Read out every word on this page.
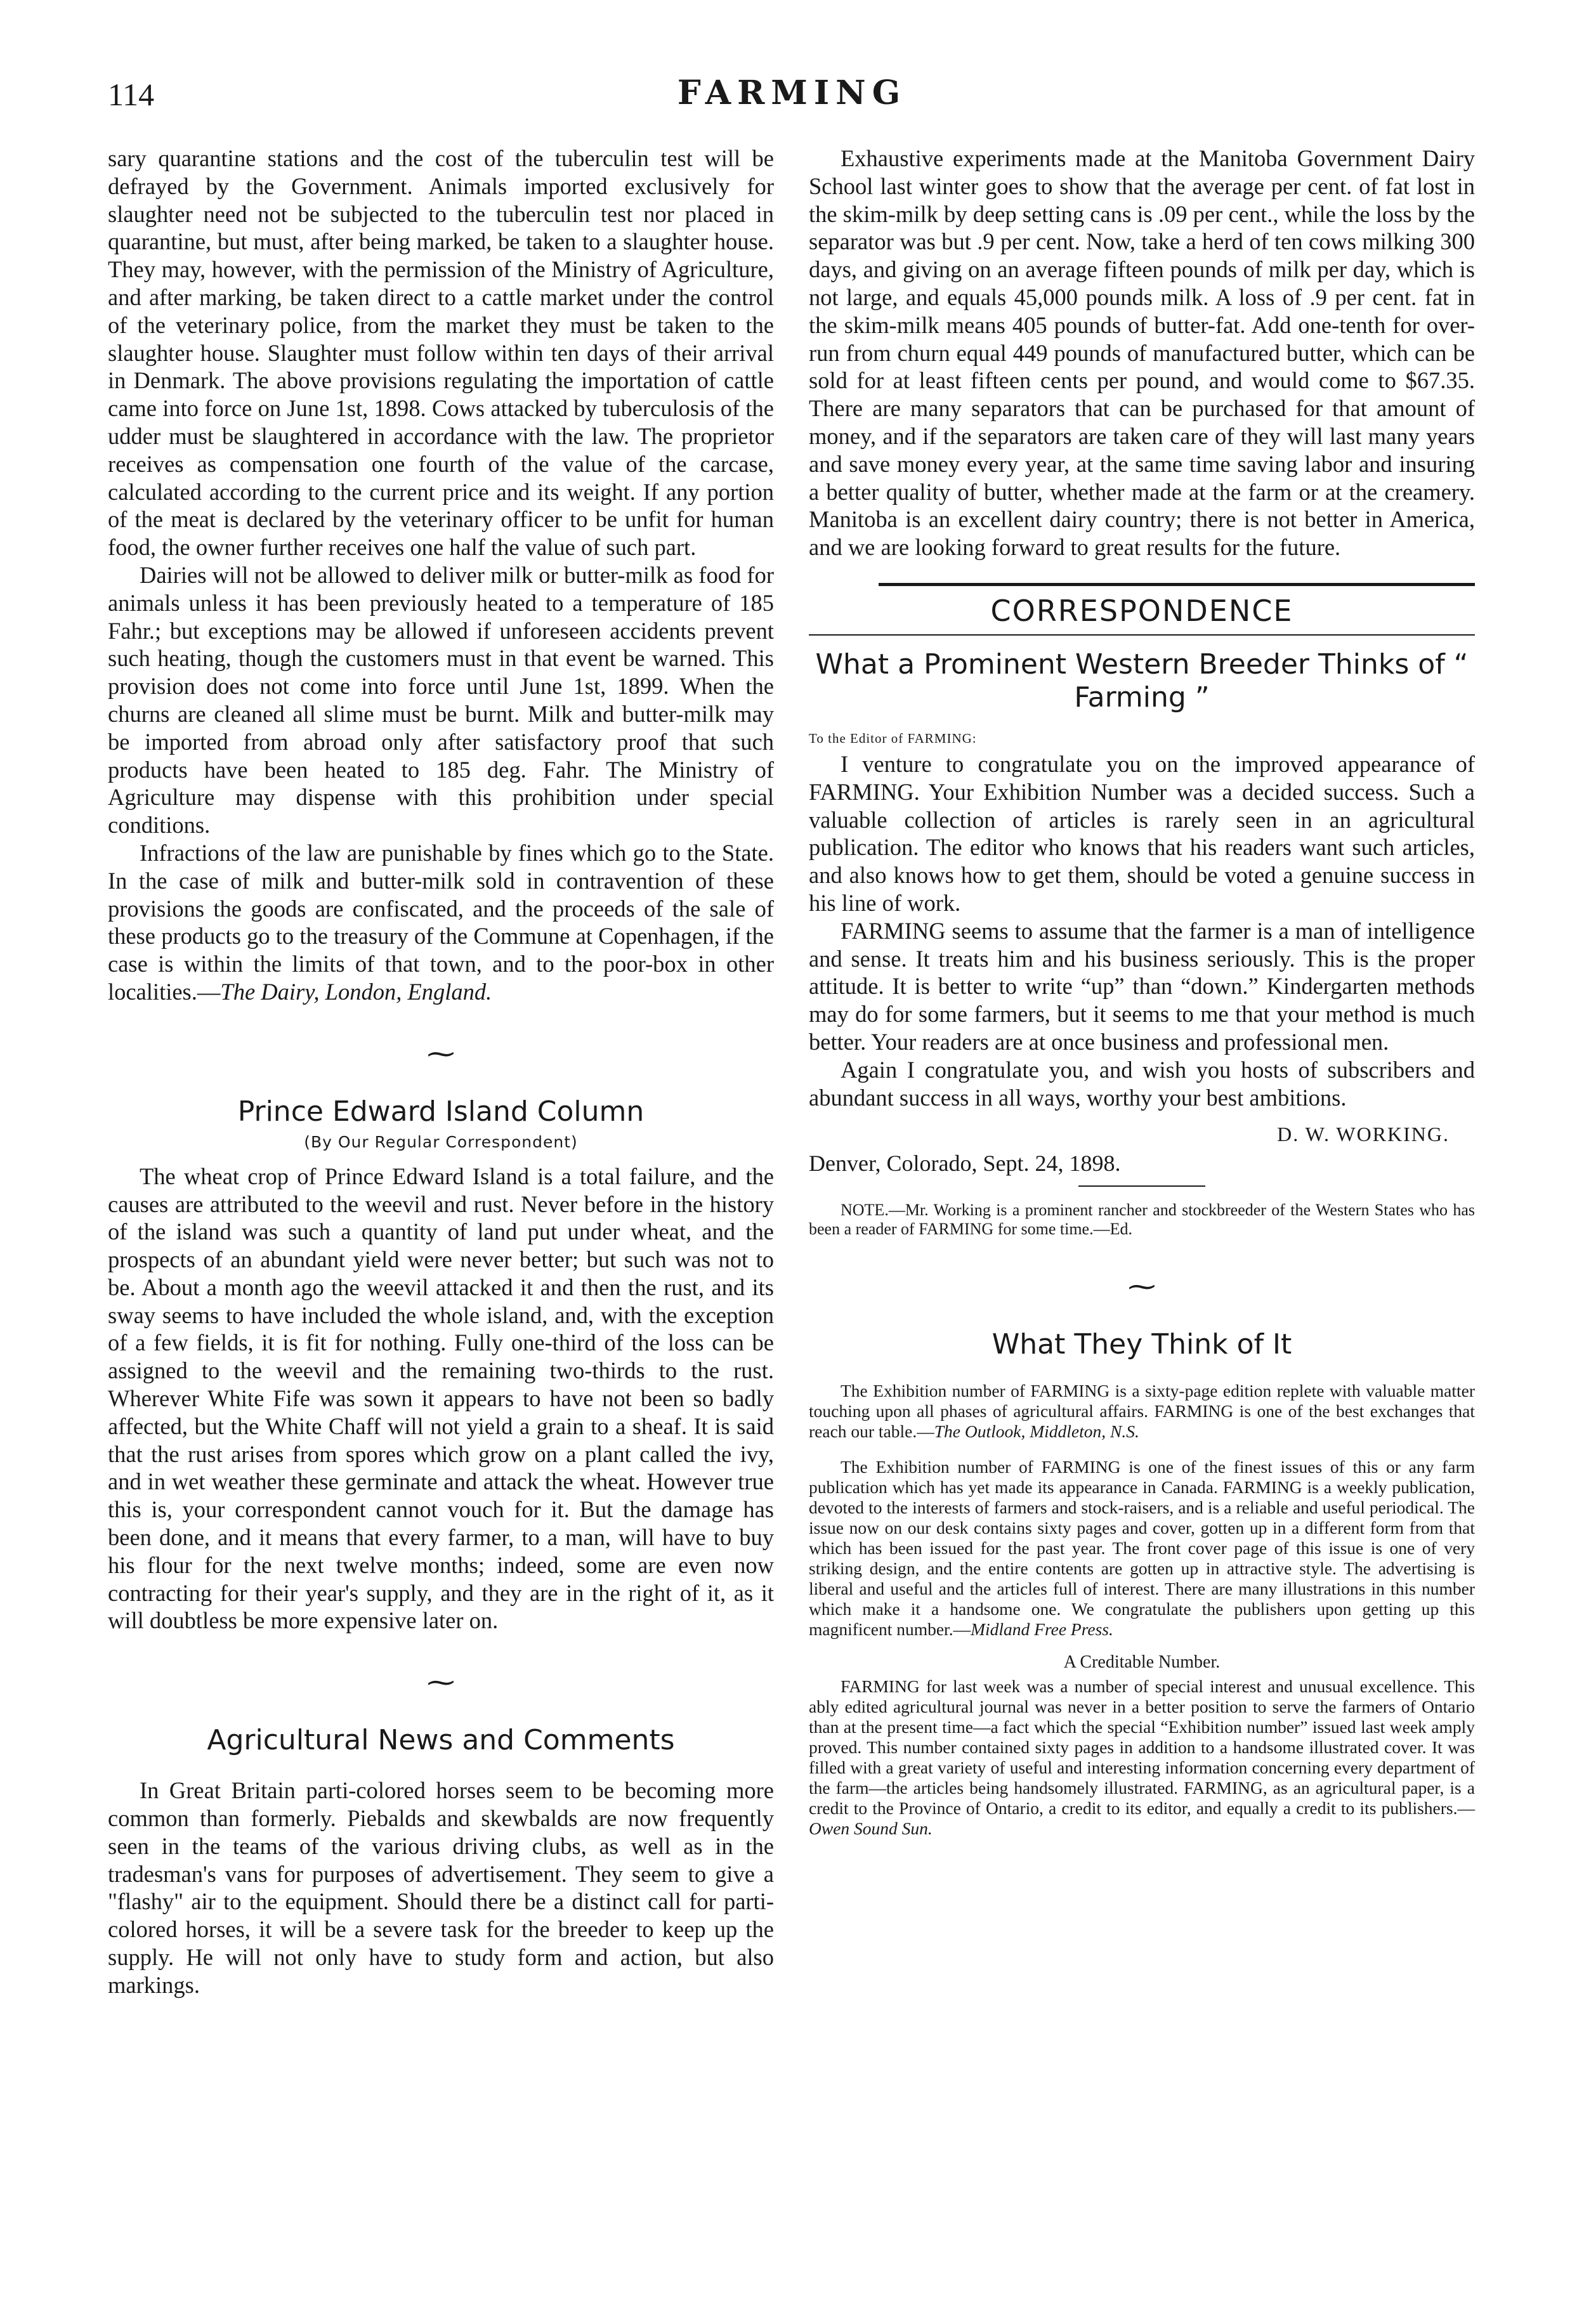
114	FARMING

sary quarantine stations and the cost of the tuberculin test will be defrayed by the Government. Animals imported exclusively for slaughter need not be subjected to the tuberculin test nor placed in quarantine, but must, after being marked, be taken to a slaughter house. They may, however, with the permission of the Ministry of Agriculture, and after marking, be taken direct to a cattle market under the control of the veterinary police, from the market they must be taken to the slaughter house. Slaughter must follow within ten days of their arrival in Denmark. The above provisions regulating the importation of cattle came into force on June 1st, 1898. Cows attacked by tuberculosis of the udder must be slaughtered in accordance with the law. The proprietor receives as compensation one fourth of the value of the carcase, calculated according to the current price and its weight. If any portion of the meat is declared by the veterinary officer to be unfit for human food, the owner further receives one half the value of such part.

Dairies will not be allowed to deliver milk or butter-milk as food for animals unless it has been previously heated to a temperature of 185 Fahr.; but exceptions may be allowed if unforeseen accidents prevent such heating, though the customers must in that event be warned. This provision does not come into force until June 1st, 1899. When the churns are cleaned all slime must be burnt. Milk and butter-milk may be imported from abroad only after satisfactory proof that such products have been heated to 185 deg. Fahr. The Ministry of Agriculture may dispense with this prohibition under special conditions.

Infractions of the law are punishable by fines which go to the State. In the case of milk and butter-milk sold in contravention of these provisions the goods are confiscated, and the proceeds of the sale of these products go to the treasury of the Commune at Copenhagen, if the case is within the limits of that town, and to the poor-box in other localities.—The Dairy, London, England.

⁓
Prince Edward Island Column
(By Our Regular Correspondent)

The wheat crop of Prince Edward Island is a total failure, and the causes are attributed to the weevil and rust. Never before in the history of the island was such a quantity of land put under wheat, and the prospects of an abundant yield were never better; but such was not to be. About a month ago the weevil attacked it and then the rust, and its sway seems to have included the whole island, and, with the exception of a few fields, it is fit for nothing. Fully one-third of the loss can be assigned to the weevil and the remaining two-thirds to the rust. Wherever White Fife was sown it appears to have not been so badly affected, but the White Chaff will not yield a grain to a sheaf. It is said that the rust arises from spores which grow on a plant called the ivy, and in wet weather these germinate and attack the wheat. However true this is, your correspondent cannot vouch for it. But the damage has been done, and it means that every farmer, to a man, will have to buy his flour for the next twelve months; indeed, some are even now contracting for their year's supply, and they are in the right of it, as it will doubtless be more expensive later on.

⁓
Agricultural News and Comments

In Great Britain parti-colored horses seem to be becoming more common than formerly. Piebalds and skewbalds are now frequently seen in the teams of the various driving clubs, as well as in the tradesman's vans for purposes of advertisement. They seem to give a "flashy" air to the equipment. Should there be a distinct call for parti-colored horses, it will be a severe task for the breeder to keep up the supply. He will not only have to study form and action, but also markings.

Exhaustive experiments made at the Manitoba Government Dairy School last winter goes to show that the average per cent. of fat lost in the skim-milk by deep setting cans is .09 per cent., while the loss by the separator was but .9 per cent. Now, take a herd of ten cows milking 300 days, and giving on an average fifteen pounds of milk per day, which is not large, and equals 45,000 pounds milk. A loss of .9 per cent. fat in the skim-milk means 405 pounds of butter-fat. Add one-tenth for over-run from churn equal 449 pounds of manufactured butter, which can be sold for at least fifteen cents per pound, and would come to $67.35. There are many separators that can be purchased for that amount of money, and if the separators are taken care of they will last many years and save money every year, at the same time saving labor and insuring a better quality of butter, whether made at the farm or at the creamery. Manitoba is an excellent dairy country; there is not better in America, and we are looking forward to great results for the future.

CORRESPONDENCE
What a Prominent Western Breeder Thinks of “ Farming ”
To the Editor of FARMING:

I venture to congratulate you on the improved appearance of FARMING. Your Exhibition Number was a decided success. Such a valuable collection of articles is rarely seen in an agricultural publication. The editor who knows that his readers want such articles, and also knows how to get them, should be voted a genuine success in his line of work.

FARMING seems to assume that the farmer is a man of intelligence and sense. It treats him and his business seriously. This is the proper attitude. It is better to write “up” than “down.” Kindergarten methods may do for some farmers, but it seems to me that your method is much better. Your readers are at once business and professional men.

Again I congratulate you, and wish you hosts of subscribers and abundant success in all ways, worthy your best ambitions.

D. W. WORKING.
Denver, Colorado, Sept. 24, 1898.

NOTE.—Mr. Working is a prominent rancher and stockbreeder of the Western States who has been a reader of FARMING for some time.—Ed.

⁓
What They Think of It

The Exhibition number of FARMING is a sixty-page edition replete with valuable matter touching upon all phases of agricultural affairs. FARMING is one of the best exchanges that reach our table.—The Outlook, Middleton, N.S.

The Exhibition number of FARMING is one of the finest issues of this or any farm publication which has yet made its appearance in Canada. FARMING is a weekly publication, devoted to the interests of farmers and stock-raisers, and is a reliable and useful periodical. The issue now on our desk contains sixty pages and cover, gotten up in a different form from that which has been issued for the past year. The front cover page of this issue is one of very striking design, and the entire contents are gotten up in attractive style. The advertising is liberal and useful and the articles full of interest. There are many illustrations in this number which make it a handsome one. We congratulate the publishers upon getting up this magnificent number.—Midland Free Press.

A Creditable Number.

FARMING for last week was a number of special interest and unusual excellence. This ably edited agricultural journal was never in a better position to serve the farmers of Ontario than at the present time—a fact which the special “Exhibition number” issued last week amply proved. This number contained sixty pages in addition to a handsome illustrated cover. It was filled with a great variety of useful and interesting information concerning every department of the farm—the articles being handsomely illustrated. FARMING, as an agricultural paper, is a credit to the Province of Ontario, a credit to its editor, and equally a credit to its publishers.—Owen Sound Sun.
